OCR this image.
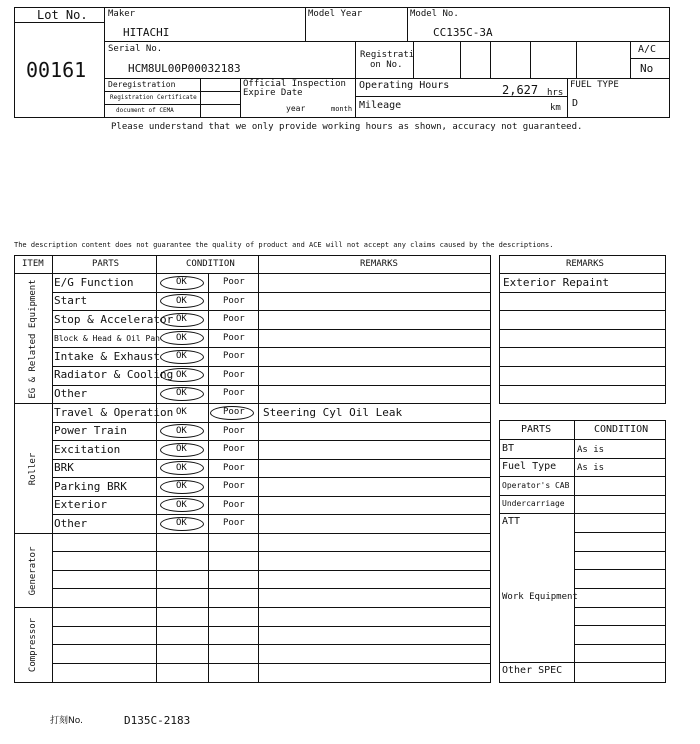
Lot No.
00161
Maker
HITACHI
Model Year	Model No.
CC135C-3A
Serial No.
HCM8UL00P00032183
Registrati
on No.
A/C
No
Deregistration
Registration Certificate
document of CEMA
Official Inspection
Expire Date
year	month
Operating Hours	2,627 hrs
Mileage	km
FUEL TYPE
D
Please understand that we only provide working hours as shown, accuracy not guaranteed.
The description content does not guarantee the quality of product and ACE will not accept any claims caused by the descriptions.
ITEM	PARTS	CONDITION	REMARKS
EG & Related Equipment
Roller
Generator
Compressor
E/G Function	OK	Poor
Start	OK	Poor
Stop & Accelerator OK	Poor
Block & Head & Oil Pan OK	Poor
Intake & Exhaust OK	Poor
Radiator & Cooling OK	Poor
Other	OK	Poor
Travel & Operation OK	Poor Steering Cyl Oil Leak
Power Train	OK	Poor
Excitation	OK	Poor
BRK	OK	Poor
Parking BRK	OK	Poor
Exterior	OK	Poor
Other	OK	Poor
REMARKS
Exterior Repaint
PARTS	CONDITION
BT	As is
Fuel Type As is
Operator's CAB
Undercarriage
ATT
Work Equipment
Other SPEC
打刻No.	D135C-2183
